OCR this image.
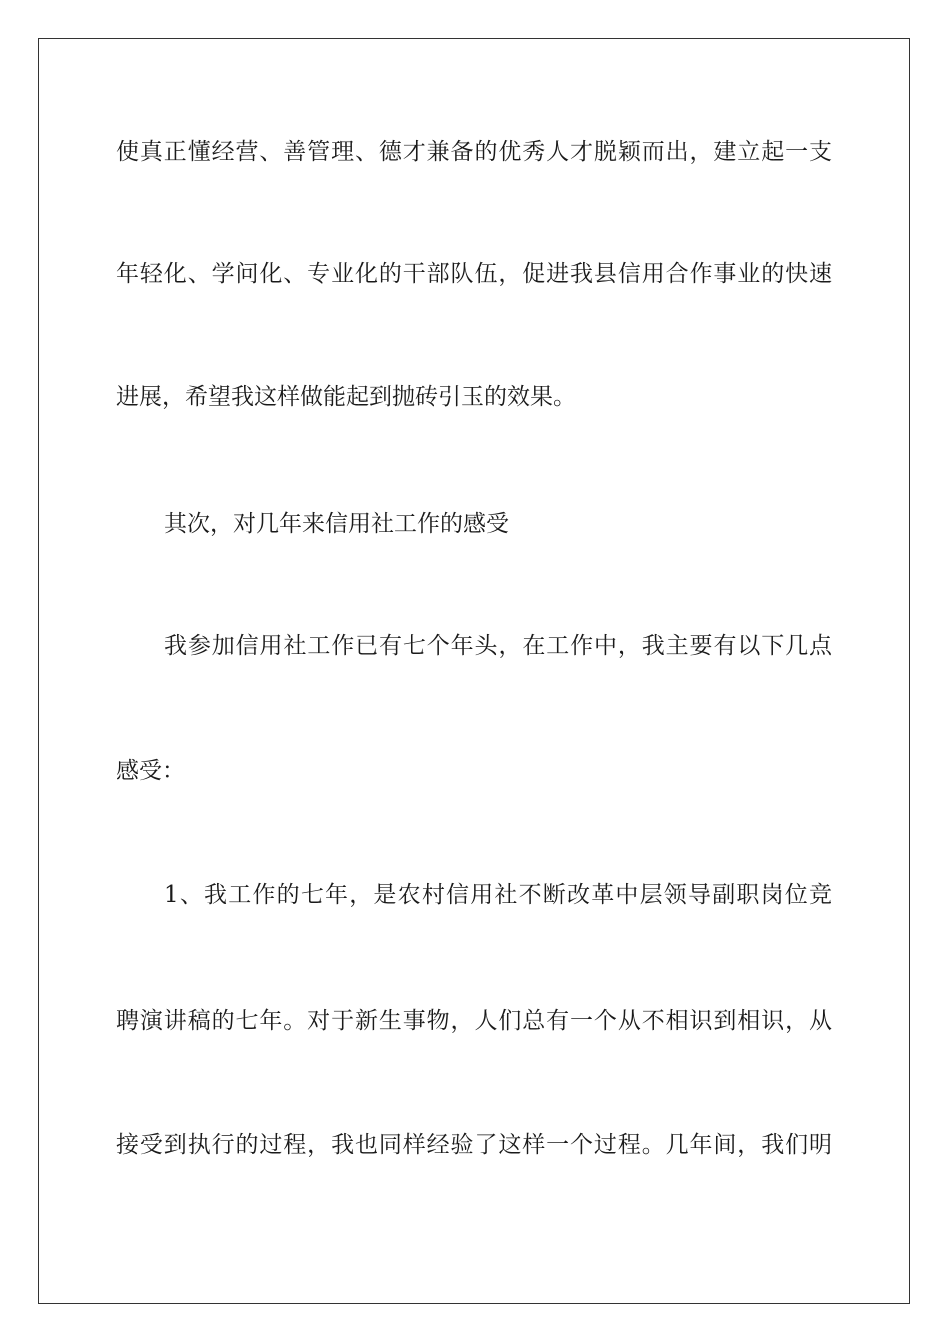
使真正懂经营、善管理、德才兼备的优秀人才脱颖而出，建立起一支

年轻化、学问化、专业化的干部队伍，促进我县信用合作事业的快速

进展，希望我这样做能起到抛砖引玉的效果。

其次，对几年来信用社工作的感受

我参加信用社工作已有七个年头，在工作中，我主要有以下几点

感受：

1、我工作的七年，是农村信用社不断改革中层领导副职岗位竞

聘演讲稿的七年。对于新生事物，人们总有一个从不相识到相识，从

接受到执行的过程，我也同样经验了这样一个过程。几年间，我们明
